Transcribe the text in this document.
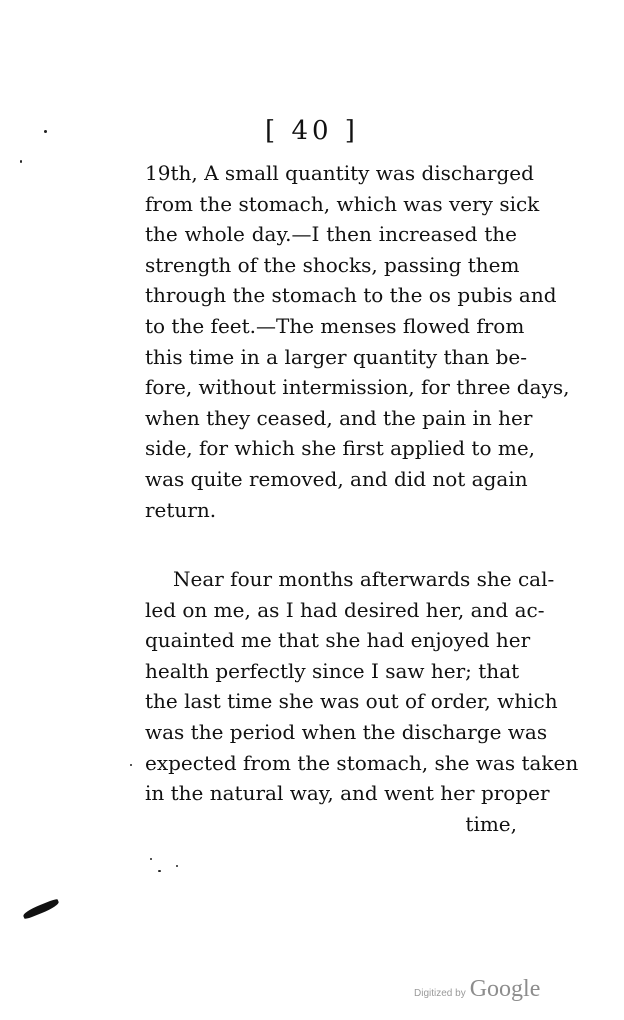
[ 40 ]
19th, A small quantity was discharged
from the stomach, which was very sick
the whole day.—I then increased the
strength of the shocks, passing them
through the stomach to the os pubis and
to the feet.—The menses flowed from
this time in a larger quantity than be-
fore, without intermission, for three days,
when they ceased, and the pain in her
side, for which she first applied to me,
was quite removed, and did not again
return.
Near four months afterwards she cal-
led on me, as I had desired her, and ac-
quainted me that she had enjoyed her
health perfectly since I saw her; that
the last time she was out of order, which
was the period when the discharge was
expected from the stomach, she was taken
in the natural way, and went her proper
time,
Digitized by Google
